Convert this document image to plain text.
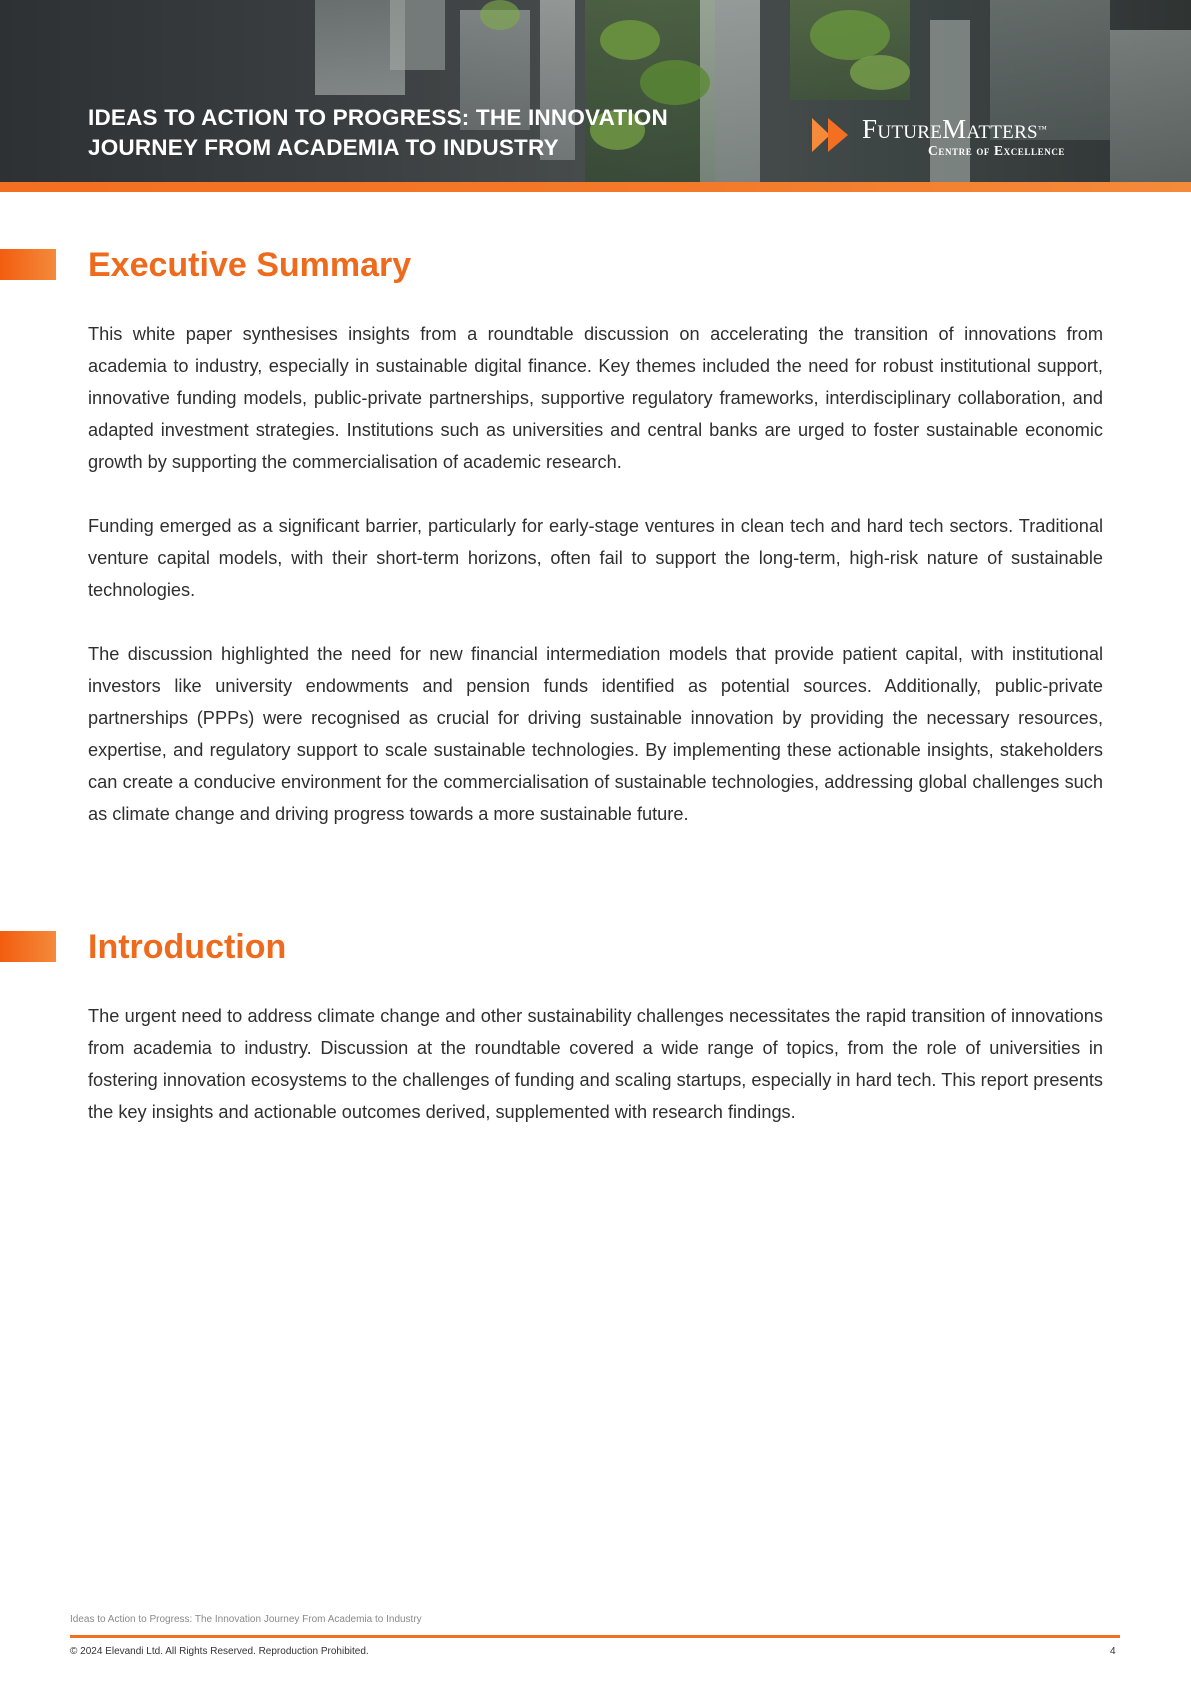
IDEAS TO ACTION TO PROGRESS: THE INNOVATION
JOURNEY FROM ACADEMIA TO INDUSTRY
FutureMatters™
Centre of Excellence
Executive Summary

This white paper synthesises insights from a roundtable discussion on accelerating the transition of innovations from academia to industry, especially in sustainable digital finance. Key themes included the need for robust institutional support, innovative funding models, public-private partnerships, supportive regulatory frameworks, interdisciplinary collaboration, and adapted investment strategies. Institutions such as universities and central banks are urged to foster sustainable economic growth by supporting the commercialisation of academic research.

Funding emerged as a significant barrier, particularly for early-stage ventures in clean tech and hard tech sectors. Traditional venture capital models, with their short-term horizons, often fail to support the long-term, high-risk nature of sustainable technologies.

The discussion highlighted the need for new financial intermediation models that provide patient capital, with institutional investors like university endowments and pension funds identified as potential sources. Additionally, public-private partnerships (PPPs) were recognised as crucial for driving sustainable innovation by providing the necessary resources, expertise, and regulatory support to scale sustainable technologies. By implementing these actionable insights, stakeholders can create a conducive environment for the commercialisation of sustainable technologies, addressing global challenges such as climate change and driving progress towards a more sustainable future.

Introduction

The urgent need to address climate change and other sustainability challenges necessitates the rapid transition of innovations from academia to industry. Discussion at the roundtable covered a wide range of topics, from the role of universities in fostering innovation ecosystems to the challenges of funding and scaling startups, especially in hard tech. This report presents the key insights and actionable outcomes derived, supplemented with research findings.

Ideas to Action to Progress: The Innovation Journey From Academia to Industry
© 2024 Elevandi Ltd. All Rights Reserved. Reproduction Prohibited.	4
